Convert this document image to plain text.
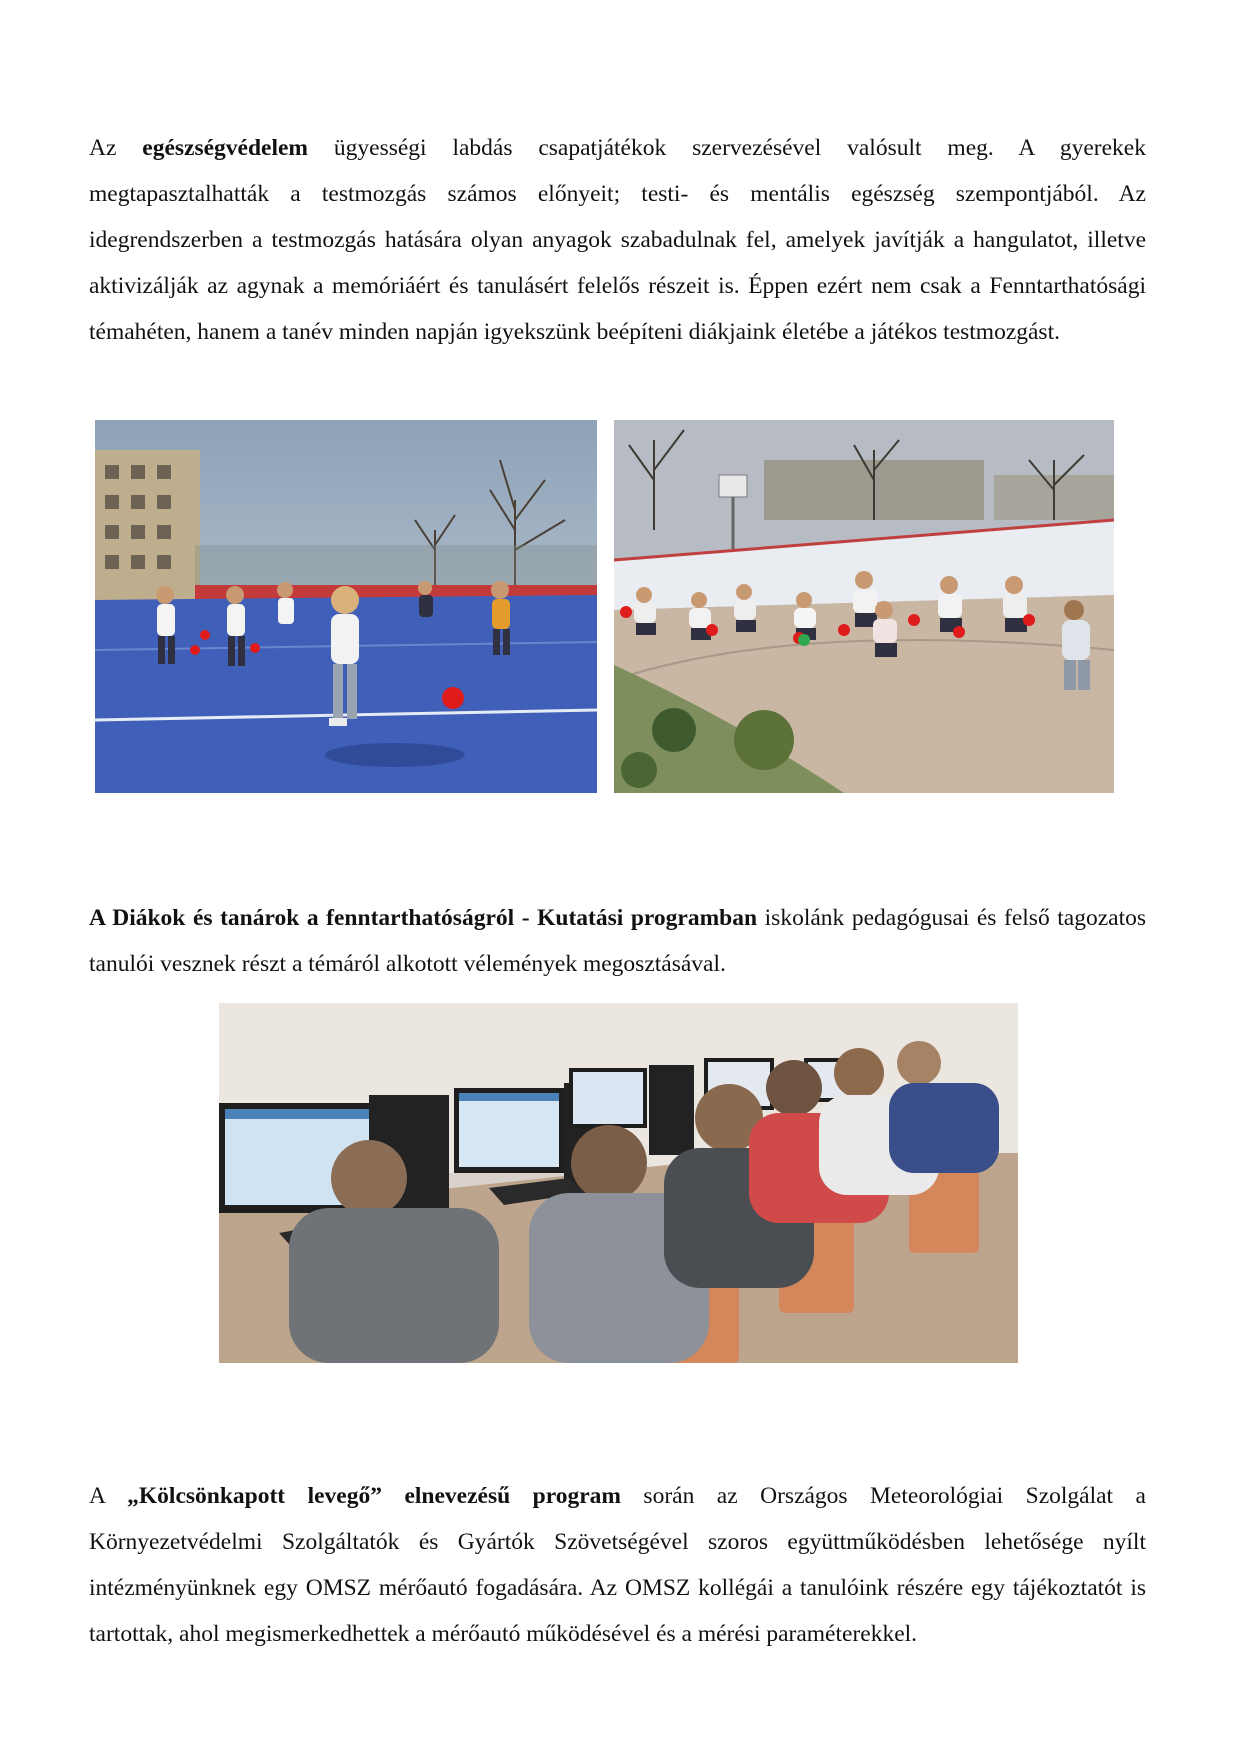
Az egészségvédelem ügyességi labdás csapatjátékok szervezésével valósult meg. A gyerekek megtapasztalhatták a testmozgás számos előnyeit; testi- és mentális egészség szempontjából. Az idegrendszerben a testmozgás hatására olyan anyagok szabadulnak fel, amelyek javítják a hangulatot, illetve aktivizálják az agynak a memóriáért és tanulásért felelős részeit is. Éppen ezért nem csak a Fenntarthatósági témahéten, hanem a tanév minden napján igyekszünk beépíteni diákjaink életébe a játékos testmozgást.

A Diákok és tanárok a fenntarthatóságról - Kutatási programban iskolánk pedagógusai és felső tagozatos tanulói vesznek részt a témáról alkotott vélemények megosztásával.

A „Kölcsönkapott levegő” elnevezésű program során az Országos Meteorológiai Szolgálat a Környezetvédelmi Szolgáltatók és Gyártók Szövetségével szoros együttműködésben lehetősége nyílt intézményünknek egy OMSZ mérőautó fogadására. Az OMSZ kollégái a tanulóink részére egy tájékoztatót is tartottak, ahol megismerkedhettek a mérőautó működésével és a mérési paraméterekkel.
